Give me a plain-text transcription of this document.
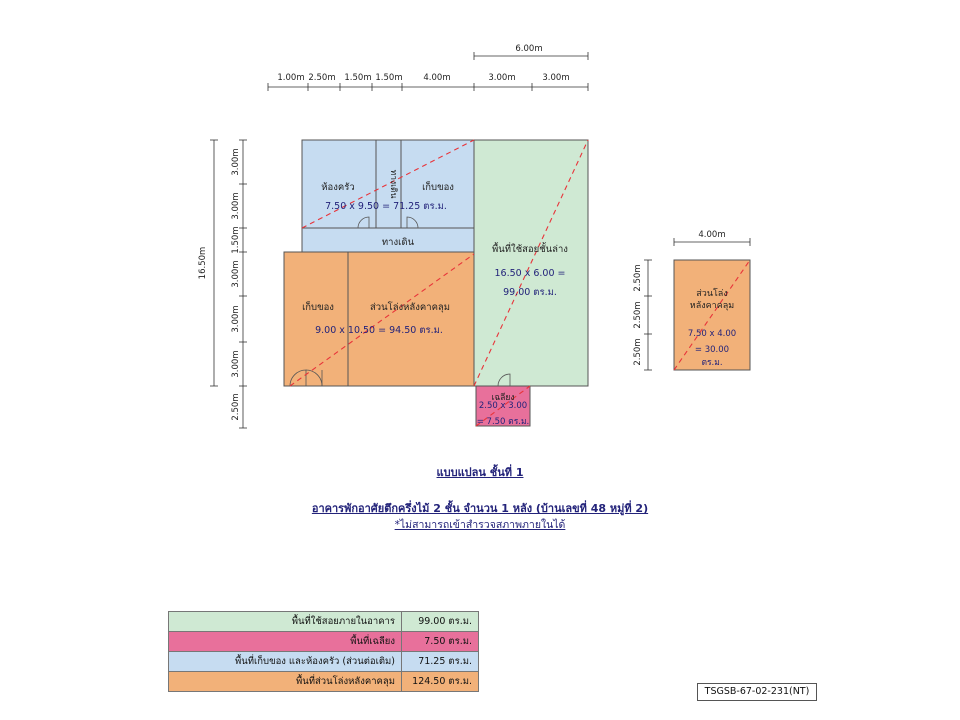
6.00m
1.00m 2.50m 1.50m 1.50m 4.00m	3.00m	3.00m
16.50m
3.00m
3.00m
1.50m
3.00m
3.00m
3.00m
2.50m
ห้องครัว	ทางเดิน	เก็บของ
7.50 x 9.50 = 71.25 ตร.ม.
ทางเดิน
พื้นที่ใช้สอยชั้นล่าง
16.50 x 6.00 =
99.00 ตร.ม.
เก็บของ	ส่วนโล่งหลังคาคลุม
9.00 x 10.50 = 94.50 ตร.ม.
เฉลียง
2.50 x 3.00
= 7.50 ตร.ม.
ส่วนโล่ง
หลังคาคลุม
7.50 x 4.00
= 30.00
ตร.ม.
4.00m
2.50m
2.50m
2.50m
แบบแปลน ชั้นที่ 1
อาคารพักอาศัยตึกครึ่งไม้ 2 ชั้น จำนวน 1 หลัง (บ้านเลขที่ 48 หมู่ที่ 2)
*ไม่สามารถเข้าสำรวจสภาพภายในได้
พื้นที่ใช้สอยภายในอาคาร	99.00 ตร.ม.
พื้นที่เฉลียง	7.50 ตร.ม.
พื้นที่เก็บของ และห้องครัว (ส่วนต่อเติม)	71.25 ตร.ม.
พื้นที่ส่วนโล่งหลังคาคลุม	124.50 ตร.ม.
TSGSB-67-02-231(NT)
